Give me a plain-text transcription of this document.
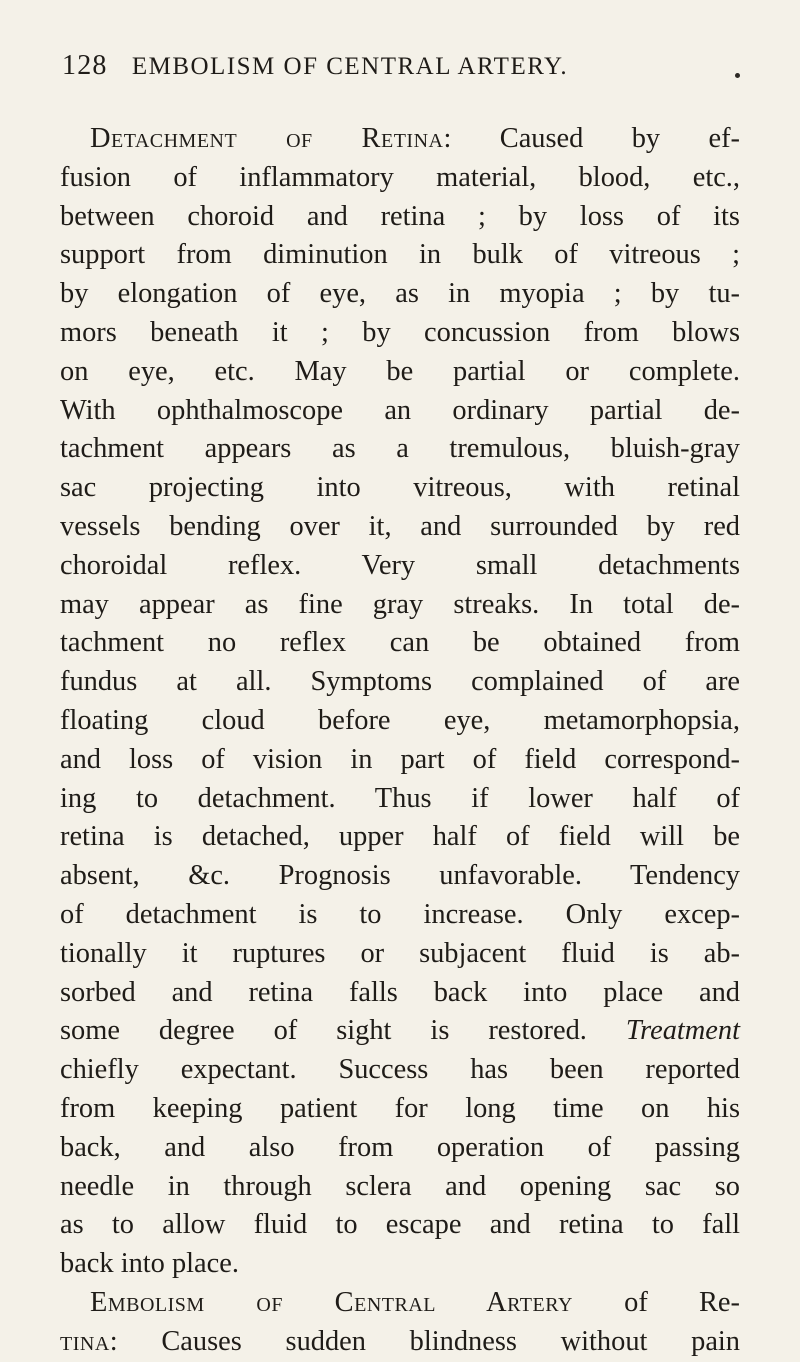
128 EMBOLISM OF CENTRAL ARTERY.
Detachment of Retina: Caused by ef-
fusion of inflammatory material, blood, etc.,
between choroid and retina ; by loss of its
support from diminution in bulk of vitreous ;
by elongation of eye, as in myopia ; by tu-
mors beneath it ; by concussion from blows
on eye, etc. May be partial or complete.
With ophthalmoscope an ordinary partial de-
tachment appears as a tremulous, bluish-gray
sac projecting into vitreous, with retinal
vessels bending over it, and surrounded by red
choroidal reflex. Very small detachments
may appear as fine gray streaks. In total de-
tachment no reflex can be obtained from
fundus at all. Symptoms complained of are
floating cloud before eye, metamorphopsia,
and loss of vision in part of field correspond-
ing to detachment. Thus if lower half of
retina is detached, upper half of field will be
absent, &c. Prognosis unfavorable. Tendency
of detachment is to increase. Only excep-
tionally it ruptures or subjacent fluid is ab-
sorbed and retina falls back into place and
some degree of sight is restored. Treatment
chiefly expectant. Success has been reported
from keeping patient for long time on his
back, and also from operation of passing
needle in through sclera and opening sac so
as to allow fluid to escape and retina to fall
back into place.
Embolism of Central Artery of Re-
tina: Causes sudden blindness without pain
